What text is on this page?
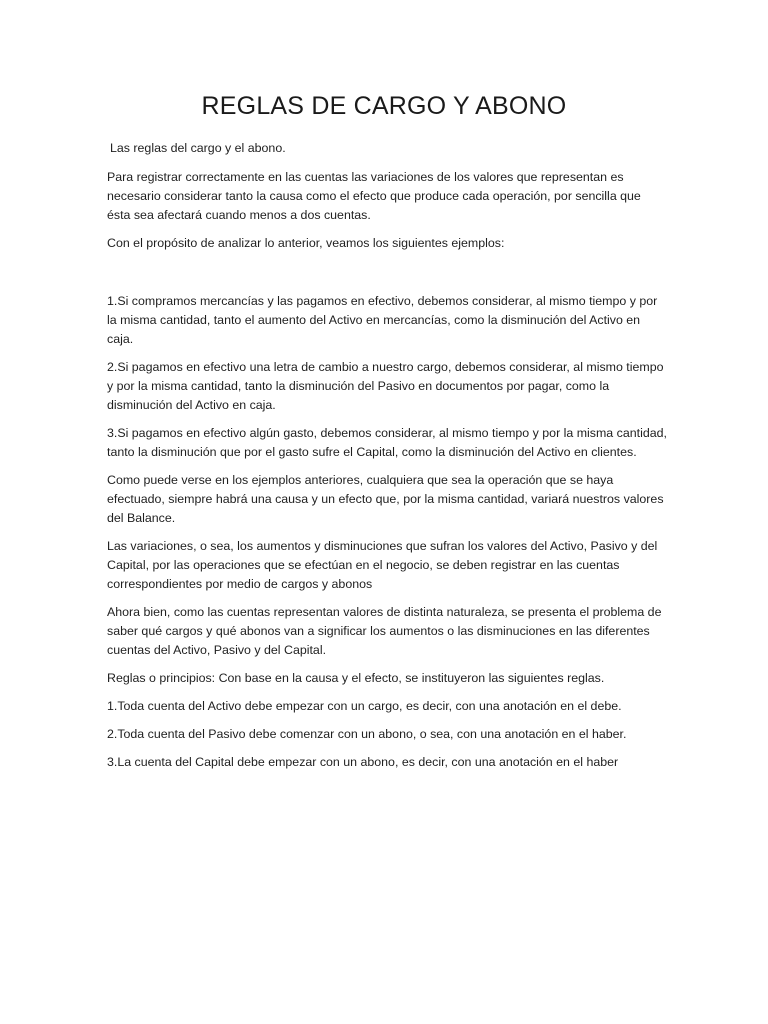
REGLAS DE CARGO Y ABONO

Las reglas del cargo y el abono.

Para registrar correctamente en las cuentas las variaciones de los valores que representan es necesario considerar tanto la causa como el efecto que produce cada operación, por sencilla que ésta sea afectará cuando menos a dos cuentas.

Con el propósito de analizar lo anterior, veamos los siguientes ejemplos:

1.Si compramos mercancías y las pagamos en efectivo, debemos considerar, al mismo tiempo y por la misma cantidad, tanto el aumento del Activo en mercancías, como la disminución del Activo en caja.

2.Si pagamos en efectivo una letra de cambio a nuestro cargo, debemos considerar, al mismo tiempo y por la misma cantidad, tanto la disminución del Pasivo en documentos por pagar, como la disminución del Activo en caja.

3.Si pagamos en efectivo algún gasto, debemos considerar, al mismo tiempo y por la misma cantidad, tanto la disminución que por el gasto sufre el Capital, como la disminución del Activo en clientes.

Como puede verse en los ejemplos anteriores, cualquiera que sea la operación que se haya efectuado, siempre habrá una causa y un efecto que, por la misma cantidad, variará nuestros valores del Balance.

Las variaciones, o sea, los aumentos y disminuciones que sufran los valores del Activo, Pasivo y del Capital, por las operaciones que se efectúan en el negocio, se deben registrar en las cuentas correspondientes por medio de cargos y abonos

Ahora bien, como las cuentas representan valores de distinta naturaleza, se presenta el problema de saber qué cargos y qué abonos van a significar los aumentos o las disminuciones en las diferentes cuentas del Activo, Pasivo y del Capital.

Reglas o principios: Con base en la causa y el efecto, se instituyeron las siguientes reglas.

1.Toda cuenta del Activo debe empezar con un cargo, es decir, con una anotación en el debe.

2.Toda cuenta del Pasivo debe comenzar con un abono, o sea, con una anotación en el haber.

3.La cuenta del Capital debe empezar con un abono, es decir, con una anotación en el haber
